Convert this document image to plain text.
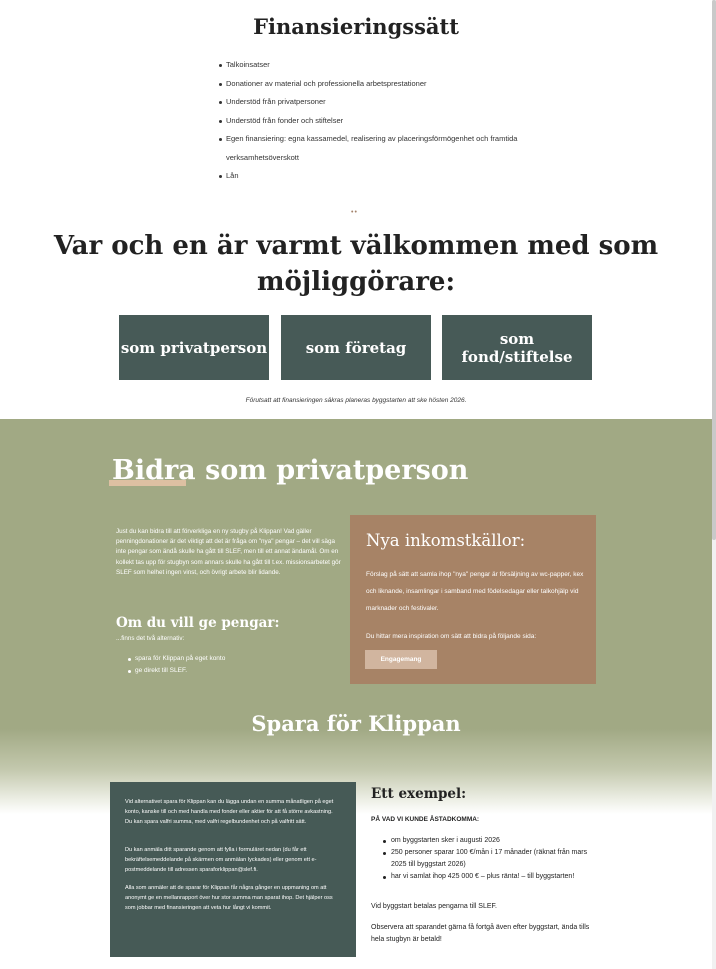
Finansieringssätt
Talkoinsatser
Donationer av material och professionella arbetsprestationer
Understöd från privatpersoner
Understöd från fonder och stiftelser
Egen finansiering: egna kassamedel, realisering av placeringsförmögenhet och framtida verksamhetsöverskott
Lån
••
Var och en är varmt välkommen med som
möjliggörare:
som privatperson	som företag	som fond/stiftelse

Förutsatt att finansieringen säkras planeras byggstarten att ske hösten 2026.

Bidra som privatperson

Just du kan bidra till att förverkliga en ny stugby på Klippan! Vad gäller penningdonationer är det viktigt att det är fråga om "nya" pengar – det vill säga inte pengar som ändå skulle ha gått till SLEF, men till ett annat ändamål. Om en kollekt tas upp för stugbyn som annars skulle ha gått till t.ex. missionsarbetet gör SLEF som helhet ingen vinst, och övrigt arbete blir lidande.

Om du vill ge pengar:

...finns det två alternativ:

spara för Klippan på eget konto
ge direkt till SLEF.
Nya inkomstkällor:

Förslag på sätt att samla ihop "nya" pengar är försäljning av wc-papper, kex och liknande, insamlingar i samband med födelsedagar eller talkohjälp vid marknader och festivaler.

Du hittar mera inspiration om sätt att bidra på följande sida:

Engagemang
Spara för Klippan

Vid alternativet spara för Klippan kan du lägga undan en summa månatligen på eget konto, kanske till och med handla med fonder eller aktier för att få större avkastning. Du kan spara valfri summa, med valfri regelbundenhet och på valfritt sätt.

Du kan anmäla ditt sparande genom att fylla i formuläret nedan (du får ett bekräftelsemeddelande på skärmen om anmälan lyckades) eller genom ett e-postmeddelande till adressen sparaforklippan@slef.fi.

Alla som anmäler att de sparar för Klippan får några gånger en uppmaning om att anonymt ge en mellanrapport över hur stor summa man sparat ihop. Det hjälper oss som jobbar med finansieringen att veta hur långt vi kommit.

Ett exempel:

PÅ VAD VI KUNDE ÅSTADKOMMA:

om byggstarten sker i augusti 2026
250 personer sparar 100 €/mån i 17 månader (räknat från mars 2025 till byggstart 2026)
har vi samlat ihop 425 000 € – plus ränta! – till byggstarten!

Vid byggstart betalas pengarna till SLEF.

Observera att sparandet gärna få fortgå även efter byggstart, ända tills hela stugbyn är betald!
